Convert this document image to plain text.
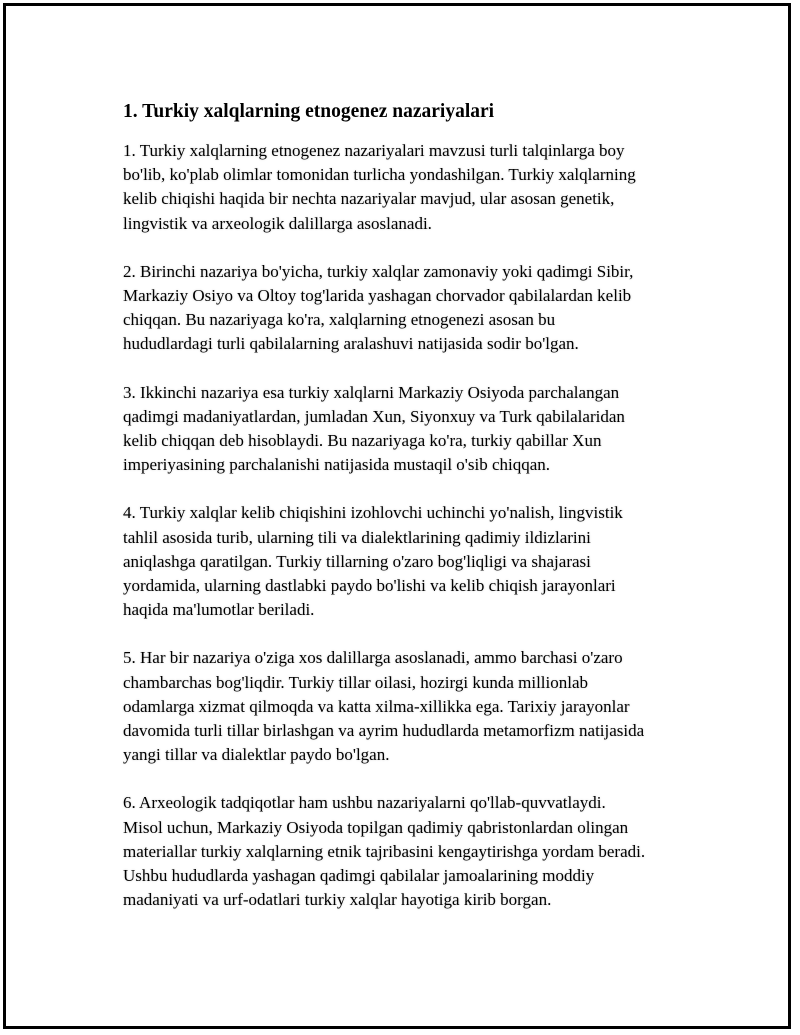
1. Turkiy xalqlarning etnogenez nazariyalari

1. Turkiy xalqlarning etnogenez nazariyalari mavzusi turli talqinlarga boy
bo'lib, ko'plab olimlar tomonidan turlicha yondashilgan. Turkiy xalqlarning
kelib chiqishi haqida bir nechta nazariyalar mavjud, ular asosan genetik,
lingvistik va arxeologik dalillarga asoslanadi.

2. Birinchi nazariya bo'yicha, turkiy xalqlar zamonaviy yoki qadimgi Sibir,
Markaziy Osiyo va Oltoy tog'larida yashagan chorvador qabilalardan kelib
chiqqan. Bu nazariyaga ko'ra, xalqlarning etnogenezi asosan bu
hududlardagi turli qabilalarning aralashuvi natijasida sodir bo'lgan.

3. Ikkinchi nazariya esa turkiy xalqlarni Markaziy Osiyoda parchalangan
qadimgi madaniyatlardan, jumladan Xun, Siyonxuy va Turk qabilalaridan
kelib chiqqan deb hisoblaydi. Bu nazariyaga ko'ra, turkiy qabillar Xun
imperiyasining parchalanishi natijasida mustaqil o'sib chiqqan.

4. Turkiy xalqlar kelib chiqishini izohlovchi uchinchi yo'nalish, lingvistik
tahlil asosida turib, ularning tili va dialektlarining qadimiy ildizlarini
aniqlashga qaratilgan. Turkiy tillarning o'zaro bog'liqligi va shajarasi
yordamida, ularning dastlabki paydo bo'lishi va kelib chiqish jarayonlari
haqida ma'lumotlar beriladi.

5. Har bir nazariya o'ziga xos dalillarga asoslanadi, ammo barchasi o'zaro
chambarchas bog'liqdir. Turkiy tillar oilasi, hozirgi kunda millionlab
odamlarga xizmat qilmoqda va katta xilma-xillikka ega. Tarixiy jarayonlar
davomida turli tillar birlashgan va ayrim hududlarda metamorfizm natijasida
yangi tillar va dialektlar paydo bo'lgan.

6. Arxeologik tadqiqotlar ham ushbu nazariyalarni qo'llab-quvvatlaydi.
Misol uchun, Markaziy Osiyoda topilgan qadimiy qabristonlardan olingan
materiallar turkiy xalqlarning etnik tajribasini kengaytirishga yordam beradi.
Ushbu hududlarda yashagan qadimgi qabilalar jamoalarining moddiy
madaniyati va urf-odatlari turkiy xalqlar hayotiga kirib borgan.
